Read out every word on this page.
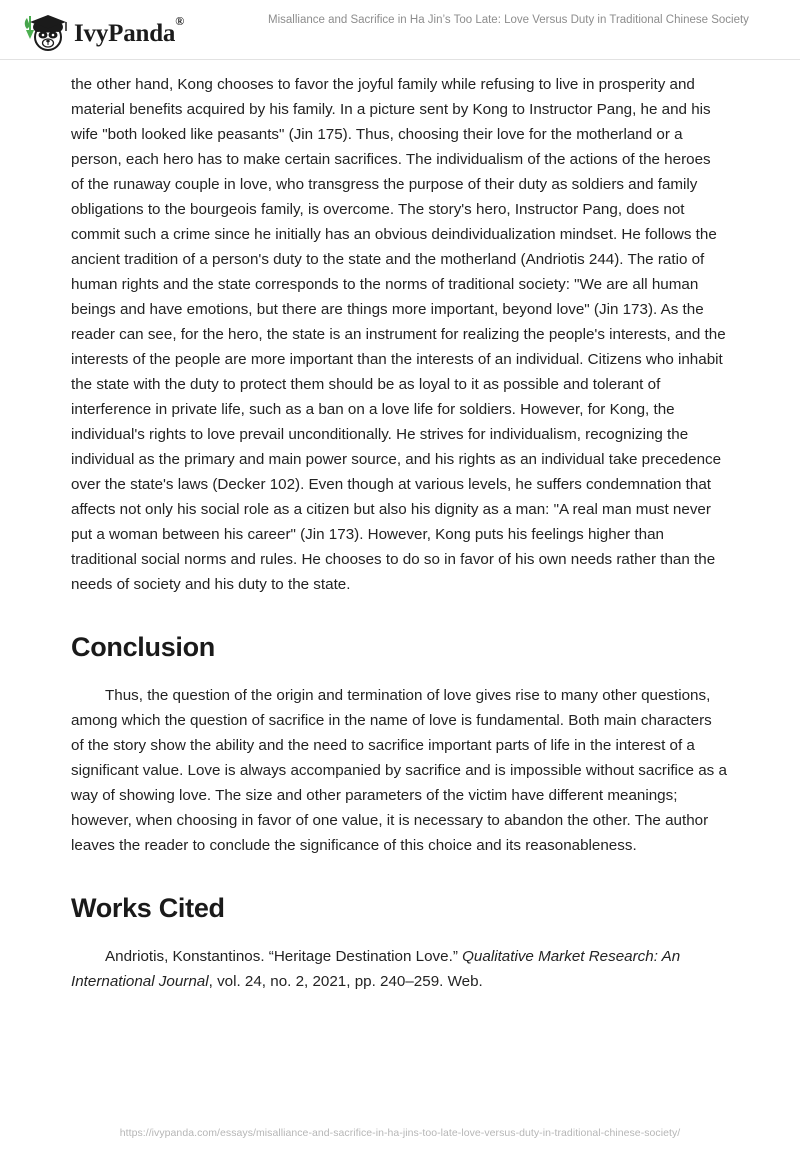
IvyPanda®	Misalliance and Sacrifice in Ha Jin’s Too Late: Love Versus Duty in Traditional Chinese Society

the other hand, Kong chooses to favor the joyful family while refusing to live in prosperity and material benefits acquired by his family. In a picture sent by Kong to Instructor Pang, he and his wife "both looked like peasants" (Jin 175). Thus, choosing their love for the motherland or a person, each hero has to make certain sacrifices. The individualism of the actions of the heroes of the runaway couple in love, who transgress the purpose of their duty as soldiers and family obligations to the bourgeois family, is overcome. The story's hero, Instructor Pang, does not commit such a crime since he initially has an obvious deindividualization mindset. He follows the ancient tradition of a person's duty to the state and the motherland (Andriotis 244). The ratio of human rights and the state corresponds to the norms of traditional society: "We are all human beings and have emotions, but there are things more important, beyond love" (Jin 173). As the reader can see, for the hero, the state is an instrument for realizing the people's interests, and the interests of the people are more important than the interests of an individual. Citizens who inhabit the state with the duty to protect them should be as loyal to it as possible and tolerant of interference in private life, such as a ban on a love life for soldiers. However, for Kong, the individual's rights to love prevail unconditionally. He strives for individualism, recognizing the individual as the primary and main power source, and his rights as an individual take precedence over the state's laws (Decker 102). Even though at various levels, he suffers condemnation that affects not only his social role as a citizen but also his dignity as a man: "A real man must never put a woman between his career" (Jin 173). However, Kong puts his feelings higher than traditional social norms and rules. He chooses to do so in favor of his own needs rather than the needs of society and his duty to the state.

Conclusion

Thus, the question of the origin and termination of love gives rise to many other questions, among which the question of sacrifice in the name of love is fundamental. Both main characters of the story show the ability and the need to sacrifice important parts of life in the interest of a significant value. Love is always accompanied by sacrifice and is impossible without sacrifice as a way of showing love. The size and other parameters of the victim have different meanings; however, when choosing in favor of one value, it is necessary to abandon the other. The author leaves the reader to conclude the significance of this choice and its reasonableness.

Works Cited

Andriotis, Konstantinos. “Heritage Destination Love.” Qualitative Market Research: An International Journal, vol. 24, no. 2, 2021, pp. 240–259. Web.

https://ivypanda.com/essays/misalliance-and-sacrifice-in-ha-jins-too-late-love-versus-duty-in-traditional-chinese-society/
